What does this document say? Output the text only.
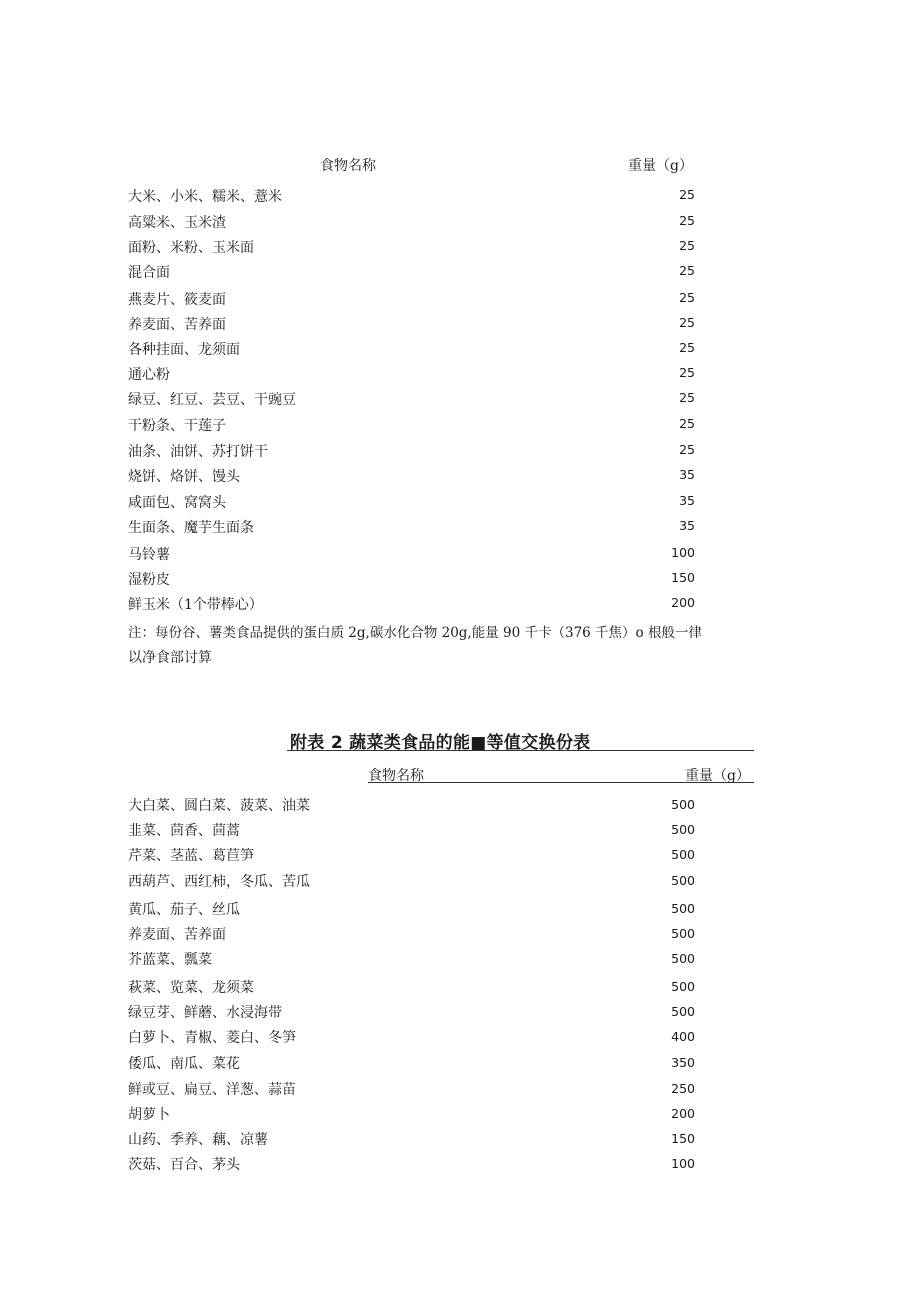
食物名称	重量（g）
大米、小米、糯米、薏米	25
高粱米、玉米渣	25
面粉、米粉、玉米面	25
混合面	25
燕麦片、筱麦面	25
养麦面、苦养面	25
各种挂面、龙须面	25
通心粉	25
绿豆、红豆、芸豆、干豌豆	25
干粉条、干莲子	25
油条、油饼、苏打饼干	25
烧饼、烙饼、馒头	35
咸面包、窝窝头	35
生面条、魔芋生面条	35
马铃薯	100
湿粉皮	150
鲜玉米（1个带棒心）	200
注：每份谷、薯类食品提供的蛋白质 2g,碳水化合物 20g,能量 90 千卡（376 千焦）o 根般一律
以净食部讨算
附表 2 蔬菜类食品的能■等值交换份表
食物名称	重量（g）
大白菜、圆白菜、菠菜、油菜	500
韭菜、茴香、茴蒿	500
芹菜、茎蓝、葛苣笋	500
西葫芦、西红柿，冬瓜、苦瓜	500
黄瓜、茄子、丝瓜	500
养麦面、苦养面	500
芥蓝菜、瓢菜	500
萩菜、览菜、龙须菜	500
绿豆芽、鲜蘑、水浸海带	500
白萝卜、青椒、菱白、冬笋	400
倭瓜、南瓜、菜花	350
鲜或豆、扁豆、洋葱、蒜苗	250
胡萝卜	200
山药、季养、藕、凉薯	150
茨菇、百合、茅头	100
